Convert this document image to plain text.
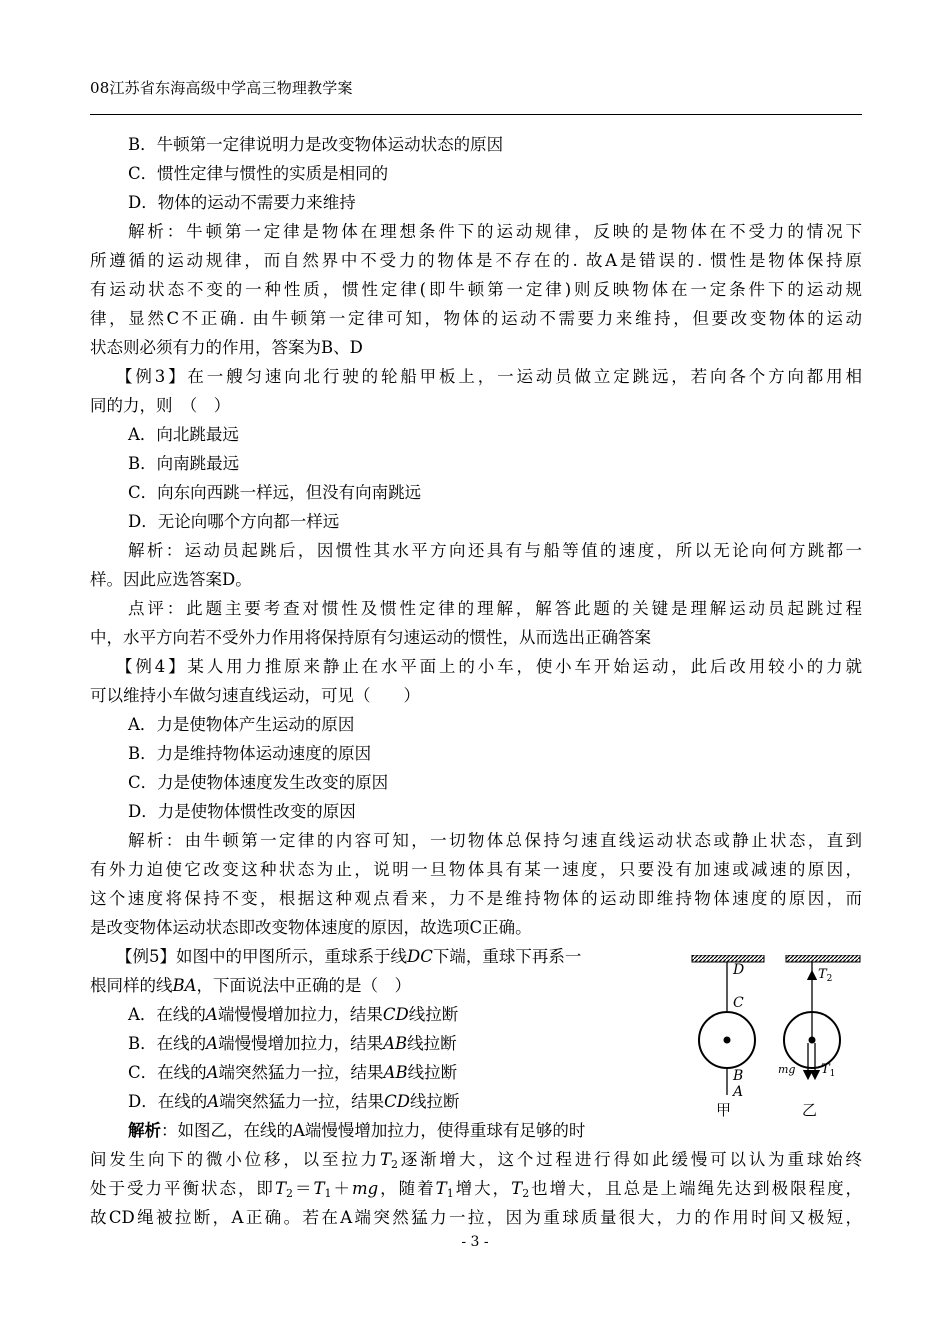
08江苏省东海高级中学高三物理教学案
B．牛顿第一定律说明力是改变物体运动状态的原因
C．惯性定律与惯性的实质是相同的
D．物体的运动不需要力来维持
解析：牛顿第一定律是物体在理想条件下的运动规律，反映的是物体在不受力的情况下
所遵循的运动规律，而自然界中不受力的物体是不存在的. 故A是错误的. 惯性是物体保持原
有运动状态不变的一种性质，惯性定律(即牛顿第一定律)则反映物体在一定条件下的运动规
律，显然C不正确. 由牛顿第一定律可知，物体的运动不需要力来维持，但要改变物体的运动
状态则必须有力的作用，答案为B、D
【例3】在一艘匀速向北行驶的轮船甲板上，一运动员做立定跳远，若向各个方向都用相
同的力，则　（　）
A．向北跳最远
B．向南跳最远
C．向东向西跳一样远，但没有向南跳远
D．无论向哪个方向都一样远
解析：运动员起跳后，因惯性其水平方向还具有与船等值的速度，所以无论向何方跳都一
样。因此应选答案D。
点评：此题主要考查对惯性及惯性定律的理解，解答此题的关键是理解运动员起跳过程
中，水平方向若不受外力作用将保持原有匀速运动的惯性，从而选出正确答案
【例4】某人用力推原来静止在水平面上的小车，使小车开始运动，此后改用较小的力就
可以维持小车做匀速直线运动，可见（　　）
A．力是使物体产生运动的原因
B．力是维持物体运动速度的原因
C．力是使物体速度发生改变的原因
D．力是使物体惯性改变的原因
解析：由牛顿第一定律的内容可知，一切物体总保持匀速直线运动状态或静止状态，直到
有外力迫使它改变这种状态为止，说明一旦物体具有某一速度，只要没有加速或减速的原因，
这个速度将保持不变，根据这种观点看来，力不是维持物体的运动即维持物体速度的原因，而
是改变物体运动状态即改变物体速度的原因，故选项C正确。
【例5】如图中的甲图所示，重球系于线DC下端，重球下再系一
根同样的线BA，下面说法中正确的是（　）
A．在线的A端慢慢增加拉力，结果CD线拉断
B．在线的A端慢慢增加拉力，结果AB线拉断
C．在线的A端突然猛力一拉，结果AB线拉断
D．在线的A端突然猛力一拉，结果CD线拉断
解析：如图乙，在线的A端慢慢增加拉力，使得重球有足够的时
间发生向下的微小位移，以至拉力$T_2$逐渐增大，这个过程进行得如此缓慢可以认为重球始终
处于受力平衡状态，即$T_2=T_1+mg$，随着$T_1$增大，$T_2$也增大，且总是上端绳先达到极限程度，
故CD绳被拉断，A正确。若在A端突然猛力一拉，因为重球质量很大，力的作用时间又极短，
D
C
B
A
甲
$T_2$
mg $T_1$
乙
- 3 -
